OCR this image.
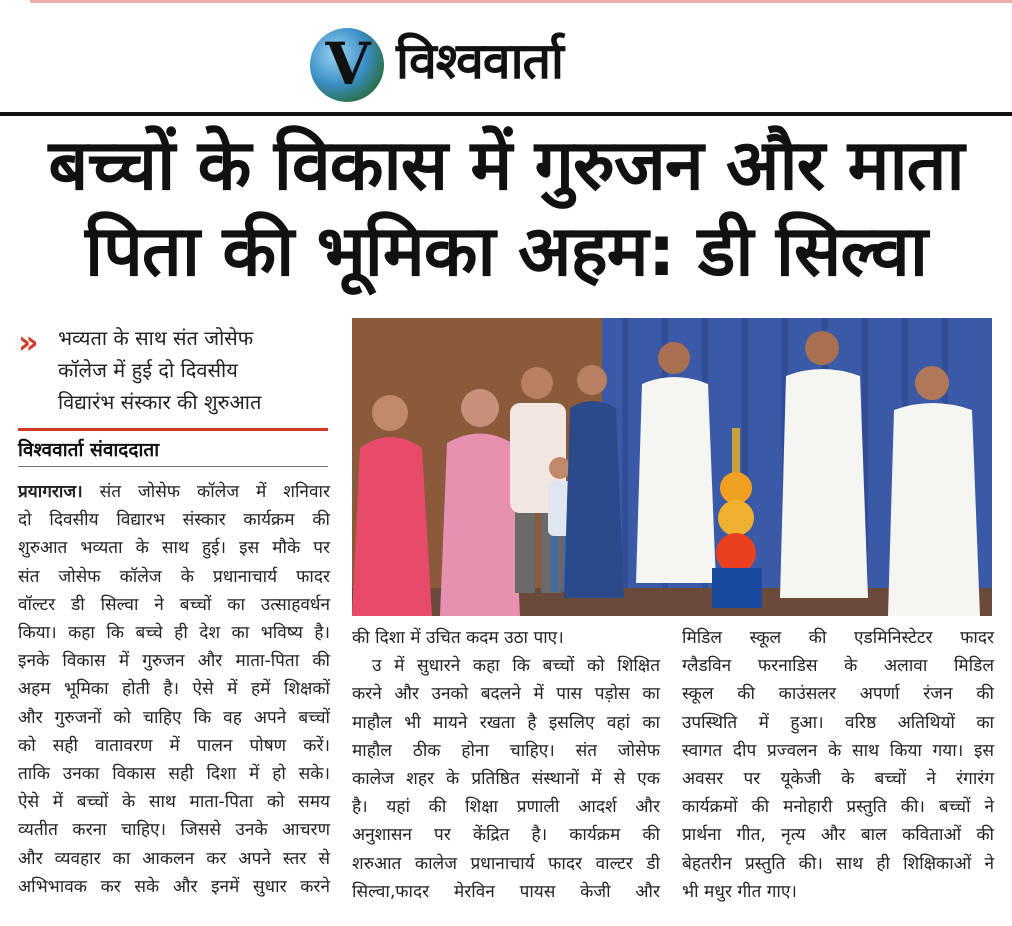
V विश्ववार्ता
बच्चों के विकास में गुरुजन और माता
पिता की भूमिका अहम: डी सिल्वा
» भव्यता के साथ संत जोसेफ
कॉलेज में हुई दो दिवसीय
विद्यारंभ संस्कार की शुरुआत
विश्ववार्ता संवाददाता

प्रयागराज। संत जोसेफ कॉलेज में शनिवार

दो दिवसीय विद्यारभ संस्कार कार्यक्रम की

शुरुआत भव्यता के साथ हुई। इस मौके पर

संत जोसेफ कॉलेज के प्रधानाचार्य फादर

वॉल्टर डी सिल्वा ने बच्चों का उत्साहवर्धन

किया। कहा कि बच्चे ही देश का भविष्य है।

इनके विकास में गुरुजन और माता-पिता की

अहम भूमिका होती है। ऐसे में हमें शिक्षकों

और गुरुजनों को चाहिए कि वह अपने बच्चों

को सही वातावरण में पालन पोषण करें।

ताकि उनका विकास सही दिशा में हो सके।

ऐसे में बच्चों के साथ माता-पिता को समय

व्यतीत करना चाहिए। जिससे उनके आचरण

और व्यवहार का आकलन कर अपने स्तर से

अभिभावक कर सके और इनमें सुधार करने

की दिशा में उचित कदम उठा पाए।

उ में सुधारने कहा कि बच्चों को शिक्षित

करने और उनको बदलने में पास पड़ोस का

माहौल भी मायने रखता है इसलिए वहां का

माहौल ठीक होना चाहिए। संत जोसेफ

कालेज शहर के प्रतिष्ठित संस्थानों में से एक

है। यहां की शिक्षा प्रणाली आदर्श और

अनुशासन पर केंद्रित है। कार्यक्रम की

शरुआत कालेज प्रधानाचार्य फादर वाल्टर डी

सिल्वा,फादर मेरविन पायस केजी और

मिडिल स्कूल की एडमिनिस्टेटर फादर

ग्लैडविन फरनाडिस के अलावा मिडिल

स्कूल की काउंसलर अपर्णा रंजन की

उपस्थिति में हुआ। वरिष्ठ अतिथियों का

स्वागत दीप प्रज्वलन के साथ किया गया। इस

अवसर पर यूकेजी के बच्चों ने रंगारंग

कार्यक्रमों की मनोहारी प्रस्तुति की। बच्चों ने

प्रार्थना गीत, नृत्य और बाल कविताओं की

बेहतरीन प्रस्तुति की। साथ ही शिक्षिकाओं ने

भी मधुर गीत गाए।
